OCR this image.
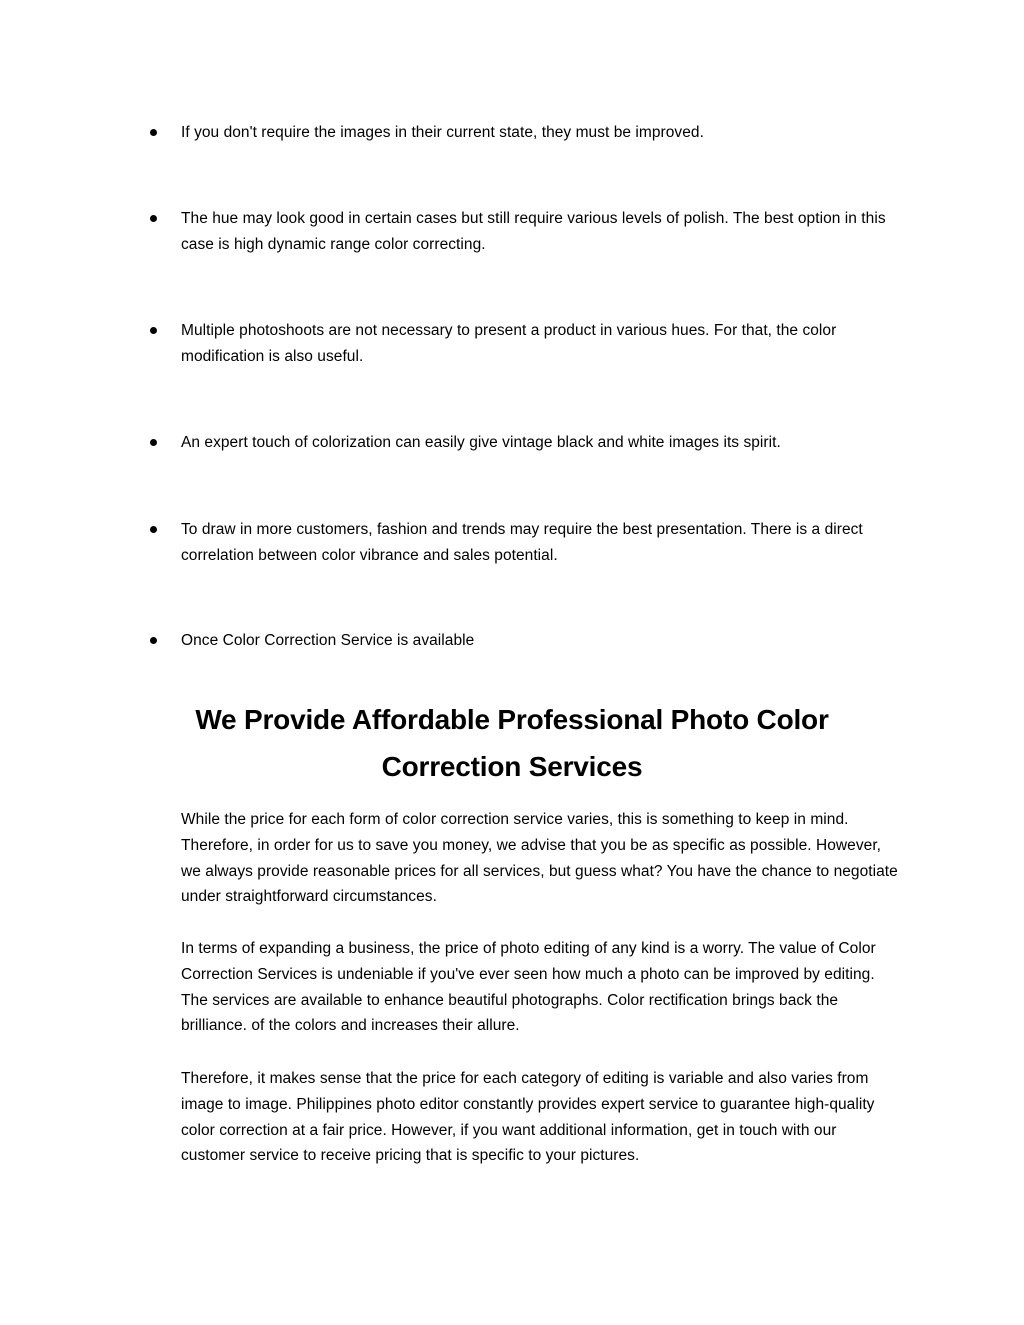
If you don't require the images in their current state, they must be improved.
The hue may look good in certain cases but still require various levels of polish. The best option in this case is high dynamic range color correcting.
Multiple photoshoots are not necessary to present a product in various hues. For that, the color modification is also useful.
An expert touch of colorization can easily give vintage black and white images its spirit.
To draw in more customers, fashion and trends may require the best presentation. There is a direct correlation between color vibrance and sales potential.
Once Color Correction Service is available
We Provide Affordable Professional Photo Color Correction Services

While the price for each form of color correction service varies, this is something to keep in mind. Therefore, in order for us to save you money, we advise that you be as specific as possible. However, we always provide reasonable prices for all services, but guess what? You have the chance to negotiate under straightforward circumstances.

In terms of expanding a business, the price of photo editing of any kind is a worry. The value of Color Correction Services is undeniable if you've ever seen how much a photo can be improved by editing. The services are available to enhance beautiful photographs. Color rectification brings back the brilliance. of the colors and increases their allure.

Therefore, it makes sense that the price for each category of editing is variable and also varies from image to image. Philippines photo editor constantly provides expert service to guarantee high-quality color correction at a fair price. However, if you want additional information, get in touch with our customer service to receive pricing that is specific to your pictures.
